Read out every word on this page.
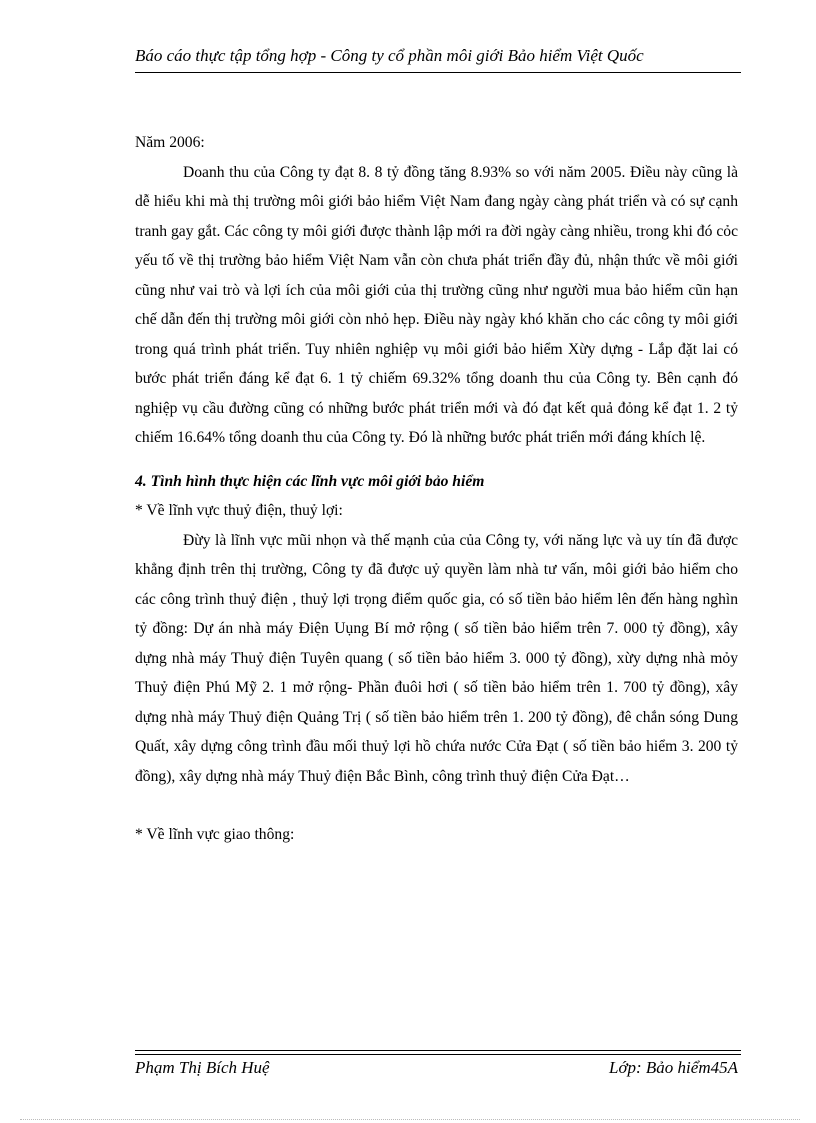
Báo cáo thực tập tổng hợp - Công ty cổ phần môi giới Bảo hiểm Việt Quốc

Năm 2006:

Doanh thu của Công ty đạt 8. 8 tỷ đồng tăng 8.93% so với năm 2005. Điều này cũng là dễ hiểu khi mà thị trường môi giới bảo hiểm Việt Nam đang ngày càng phát triển và có sự cạnh tranh gay gắt. Các công ty môi giới được thành lập mới ra đời ngày càng nhiều, trong khi đó cỏc yếu tố về thị trường bảo hiểm Việt Nam vẫn còn chưa phát triển đầy đủ, nhận thức về môi giới cũng như vai trò và lợi ích của môi giới của thị trường cũng như người mua bảo hiểm cũn hạn chế dẫn đến thị trường môi giới còn nhỏ hẹp. Điều này ngày khó khăn cho các công ty môi giới trong quá trình phát triển. Tuy nhiên nghiệp vụ môi giới bảo hiểm Xừy dựng - Lắp đặt lai có bước phát triển đáng kể đạt 6. 1 tỷ chiếm 69.32% tổng doanh thu của Công ty. Bên cạnh đó nghiệp vụ cầu đường cũng có những bước phát triển mới và đó đạt kết quả đỏng kể đạt 1. 2 tỷ chiếm 16.64% tổng doanh thu của Công ty. Đó là những bước phát triển mới đáng khích lệ.

4. Tình hình thực hiện các lĩnh vực môi giới bảo hiểm

* Về lĩnh vực thuỷ điện, thuỷ lợi:

Đừy là lĩnh vực mũi nhọn và thế mạnh của của Công ty, với năng lực và uy tín đã được khẳng định trên thị trường, Công ty đã được uỷ quyền làm nhà tư vấn, môi giới bảo hiểm cho các công trình thuỷ điện , thuỷ lợi trọng điểm quốc gia, có số tiền bảo hiểm lên đến hàng nghìn tỷ đồng: Dự án nhà máy Điện Uụng Bí mở rộng ( số tiền bảo hiểm trên 7. 000 tỷ đồng), xây dựng nhà máy Thuỷ điện Tuyên quang ( số tiền bảo hiểm 3. 000 tỷ đồng), xừy dựng nhà mỏy Thuỷ điện Phú Mỹ 2. 1 mở rộng- Phần đuôi hơi ( số tiền bảo hiểm trên 1. 700 tỷ đồng), xây dựng nhà máy Thuỷ điện Quảng Trị ( số tiền bảo hiểm trên 1. 200 tỷ đồng), đê chắn sóng Dung Quất, xây dựng công trình đầu mối thuỷ lợi hồ chứa nước Cửa Đạt ( số tiền bảo hiểm 3. 200 tỷ đồng), xây dựng nhà máy Thuỷ điện Bắc Bình, công trình thuỷ điện Cửa Đạt…

* Về lĩnh vực giao thông:

Phạm Thị Bích Huệ	Lớp: Bảo hiểm45A
